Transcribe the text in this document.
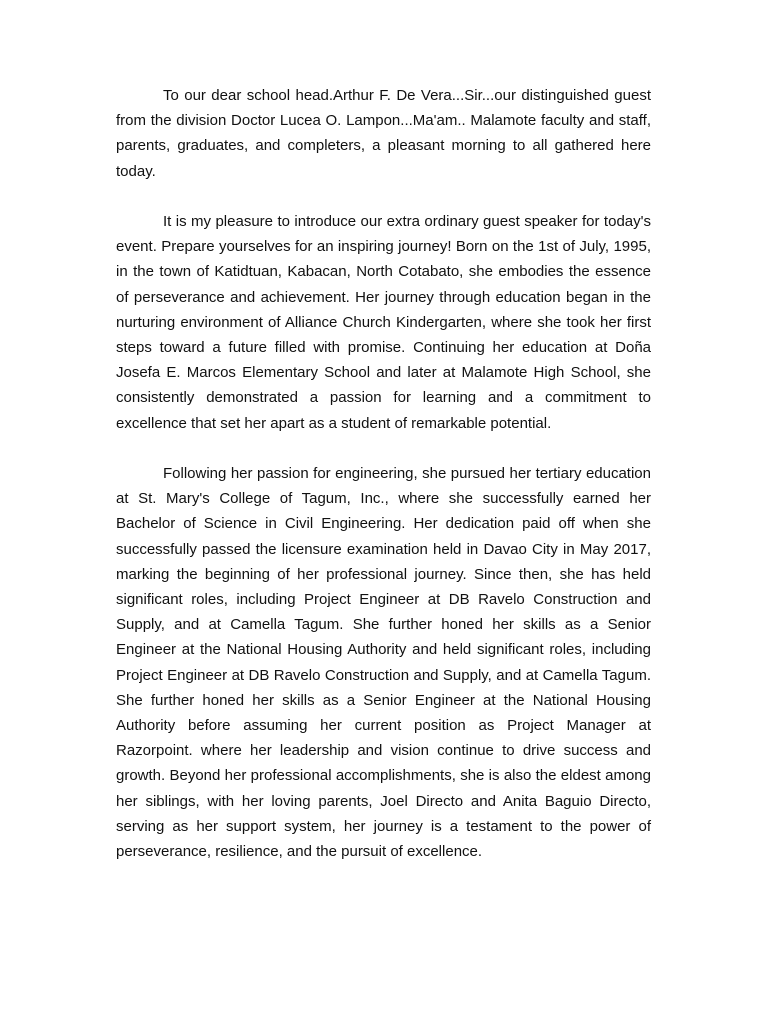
To our dear school head.Arthur F. De Vera...Sir...our distinguished guest from the division Doctor Lucea O. Lampon...Ma'am.. Malamote faculty and staff, parents, graduates, and completers, a pleasant morning to all gathered here today.

It is my pleasure to introduce our extra ordinary guest speaker for today's event. Prepare yourselves for an inspiring journey! Born on the 1st of July, 1995, in the town of Katidtuan, Kabacan, North Cotabato, she embodies the essence of perseverance and achievement. Her journey through education began in the nurturing environment of Alliance Church Kindergarten, where she took her first steps toward a future filled with promise. Continuing her education at Doña Josefa E. Marcos Elementary School and later at Malamote High School, she consistently demonstrated a passion for learning and a commitment to excellence that set her apart as a student of remarkable potential.

Following her passion for engineering, she pursued her tertiary education at St. Mary's College of Tagum, Inc., where she successfully earned her Bachelor of Science in Civil Engineering. Her dedication paid off when she successfully passed the licensure examination held in Davao City in May 2017, marking the beginning of her professional journey. Since then, she has held significant roles, including Project Engineer at DB Ravelo Construction and Supply, and at Camella Tagum. She further honed her skills as a Senior Engineer at the National Housing Authority and held significant roles, including Project Engineer at DB Ravelo Construction and Supply, and at Camella Tagum. She further honed her skills as a Senior Engineer at the National Housing Authority before assuming her current position as Project Manager at Razorpoint. where her leadership and vision continue to drive success and growth. Beyond her professional accomplishments, she is also the eldest among her siblings, with her loving parents, Joel Directo and Anita Baguio Directo, serving as her support system, her journey is a testament to the power of perseverance, resilience, and the pursuit of excellence.
